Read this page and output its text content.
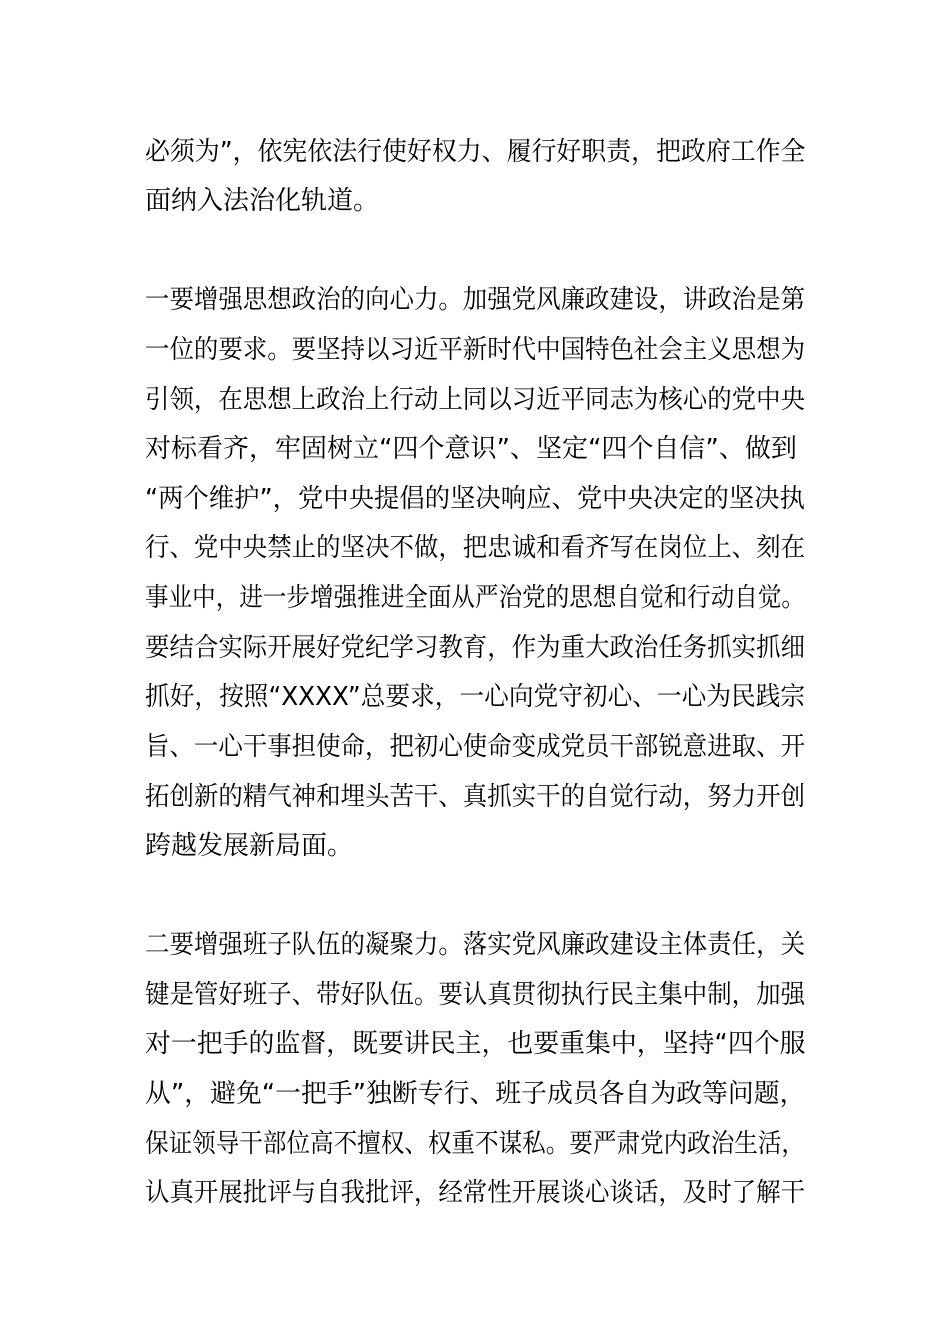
必须为”，依宪依法行使好权力、履行好职责，把政府工作全
面纳入法治化轨道。
一要增强思想政治的向心力。加强党风廉政建设，讲政治是第
一位的要求。要坚持以习近平新时代中国特色社会主义思想为
引领，在思想上政治上行动上同以习近平同志为核心的党中央
对标看齐，牢固树立“四个意识”、坚定“四个自信”、做到
“两个维护”，党中央提倡的坚决响应、党中央决定的坚决执
行、党中央禁止的坚决不做，把忠诚和看齐写在岗位上、刻在
事业中，进一步增强推进全面从严治党的思想自觉和行动自觉。
要结合实际开展好党纪学习教育，作为重大政治任务抓实抓细
抓好，按照“XXXX”总要求，一心向党守初心、一心为民践宗
旨、一心干事担使命，把初心使命变成党员干部锐意进取、开
拓创新的精气神和埋头苦干、真抓实干的自觉行动，努力开创
跨越发展新局面。
二要增强班子队伍的凝聚力。落实党风廉政建设主体责任，关
键是管好班子、带好队伍。要认真贯彻执行民主集中制，加强
对一把手的监督，既要讲民主，也要重集中，坚持“四个服
从”，避免“一把手”独断专行、班子成员各自为政等问题，
保证领导干部位高不擅权、权重不谋私。要严肃党内政治生活，
认真开展批评与自我批评，经常性开展谈心谈话，及时了解干
